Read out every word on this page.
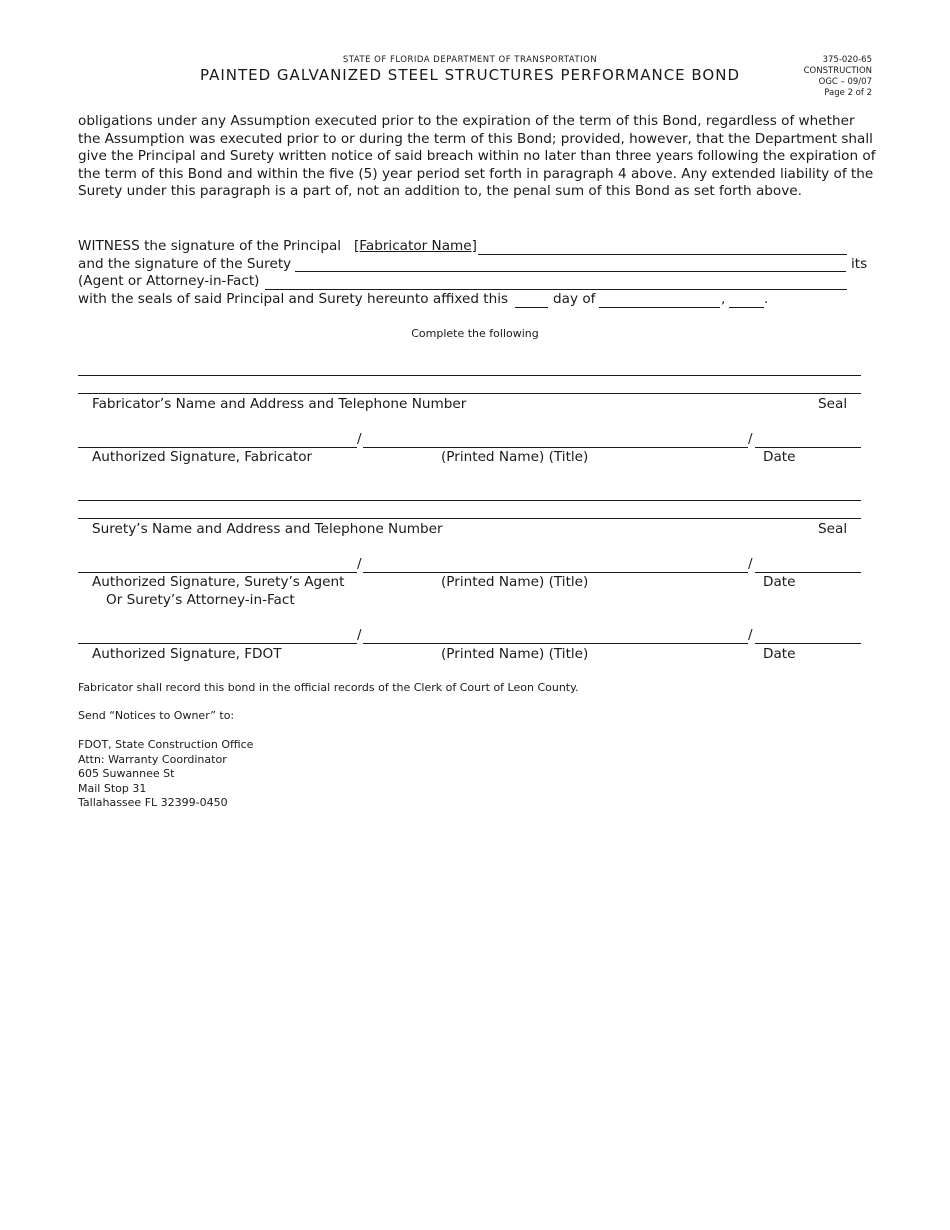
STATE OF FLORIDA DEPARTMENT OF TRANSPORTATION
PAINTED GALVANIZED STEEL STRUCTURES PERFORMANCE BOND
375-020-65
CONSTRUCTION
OGC – 09/07
Page 2 of 2
obligations under any Assumption executed prior to the expiration of the term of this Bond, regardless of whether
the Assumption was executed prior to or during the term of this Bond; provided, however, that the Department shall
give the Principal and Surety written notice of said breach within no later than three years following the expiration of
the term of this Bond and within the five (5) year period set forth in paragraph 4 above. Any extended liability of the
Surety under this paragraph is a part of, not an addition to, the penal sum of this Bond as set forth above.
WITNESS the signature of the Principal [Fabricator Name]
and the signature of the Surety	its
(Agent or Attorney-in-Fact)
with the seals of said Principal and Surety hereunto affixed this	day of	,	.
Complete the following
Fabricator’s Name and Address and Telephone Number	Seal
/	/
Authorized Signature, Fabricator	(Printed Name) (Title)	Date
Surety’s Name and Address and Telephone Number	Seal
/	/
Authorized Signature, Surety’s Agent
Or Surety’s Attorney-in-Fact
(Printed Name) (Title)	Date
/	/
Authorized Signature, FDOT	(Printed Name) (Title)	Date
Fabricator shall record this bond in the official records of the Clerk of Court of Leon County.
Send “Notices to Owner” to:
FDOT, State Construction Office
Attn: Warranty Coordinator
605 Suwannee St
Mail Stop 31
Tallahassee FL 32399-0450
